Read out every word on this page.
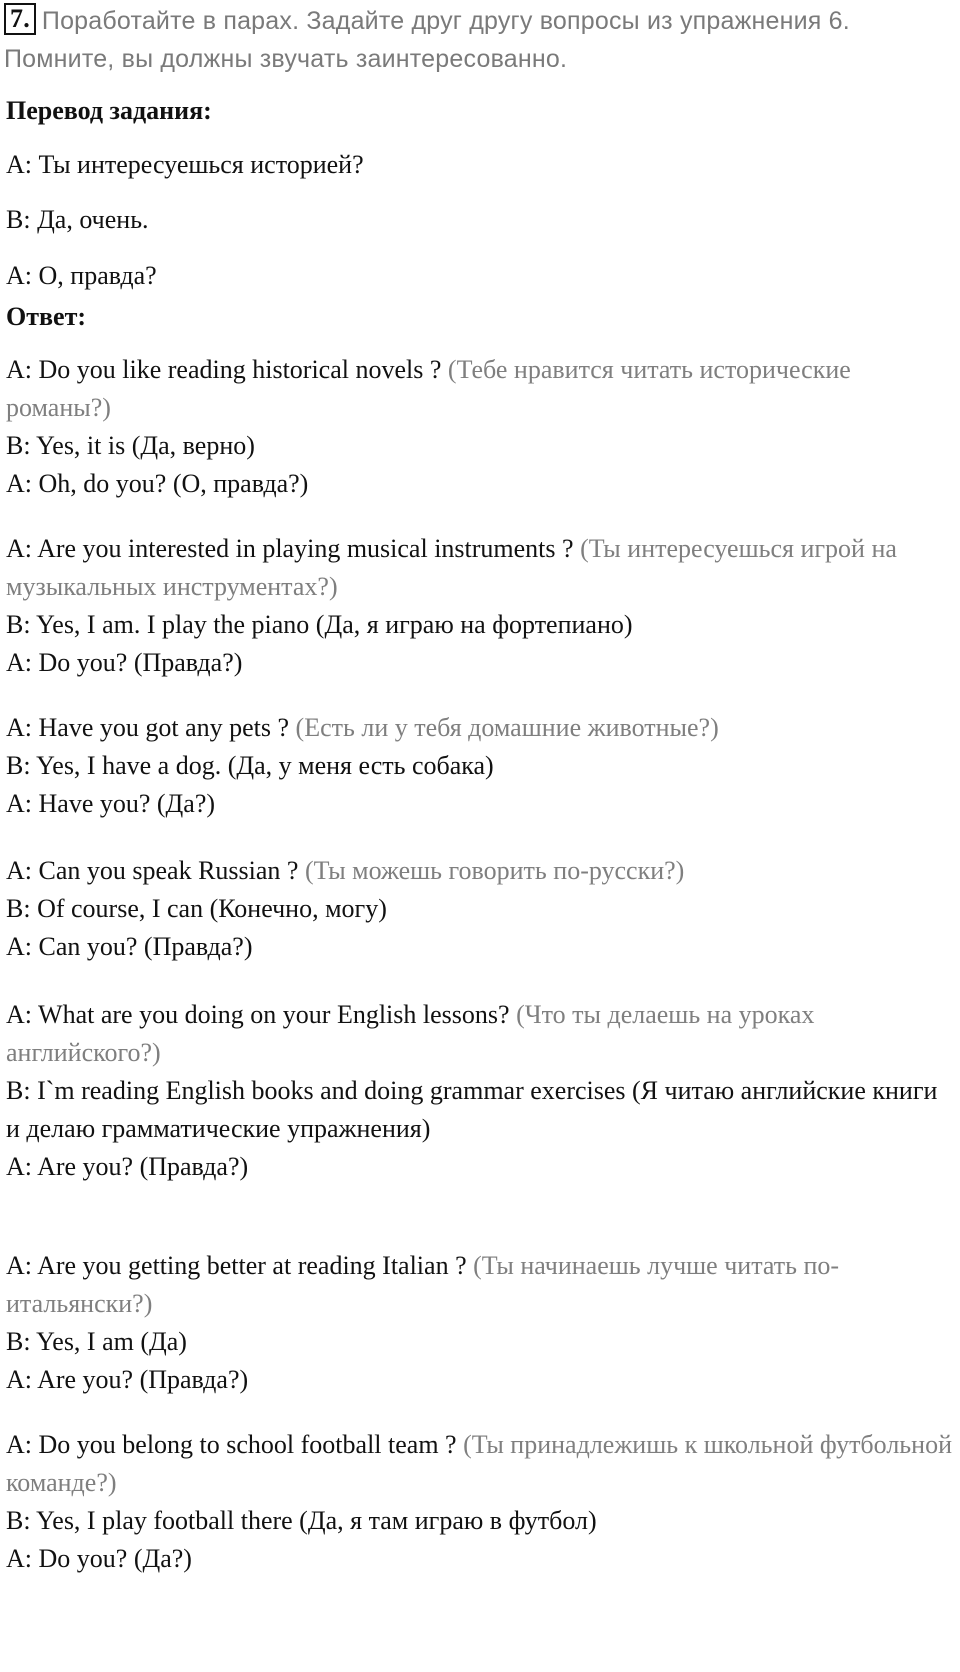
7. Поработайте в парах. Задайте друг другу вопросы из упражнения 6. Помните, вы должны звучать заинтересованно.
Перевод задания:
A: Ты интересуешься историей?
B: Да, очень.
A: О, правда?
Ответ:
A: Do you like reading historical novels ? (Тебе нравится читать исторические романы?)
B: Yes, it is (Да, верно)
A: Oh, do you? (О, правда?)
A: Are you interested in playing musical instruments ? (Ты интересуешься игрой на музыкальных инструментах?)
B: Yes, I am. I play the piano (Да, я играю на фортепиано)
A: Do you? (Правда?)
A: Have you got any pets ? (Есть ли у тебя домашние животные?)
B: Yes, I have a dog. (Да, у меня есть собака)
A: Have you? (Да?)
A: Can you speak Russian ? (Ты можешь говорить по-русски?)
B: Of course, I can (Конечно, могу)
A: Can you? (Правда?)
A: What are you doing on your English lessons? (Что ты делаешь на уроках английского?)
B: I`m reading English books and doing grammar exercises (Я читаю английские книги и делаю грамматические упражнения)
A: Are you? (Правда?)
A: Are you getting better at reading Italian ? (Ты начинаешь лучше читать по-итальянски?)
B: Yes, I am (Да)
A: Are you? (Правда?)
A: Do you belong to school football team ? (Ты принадлежишь к школьной футбольной команде?)
B: Yes, I play football there (Да, я там играю в футбол)
A: Do you? (Да?)
